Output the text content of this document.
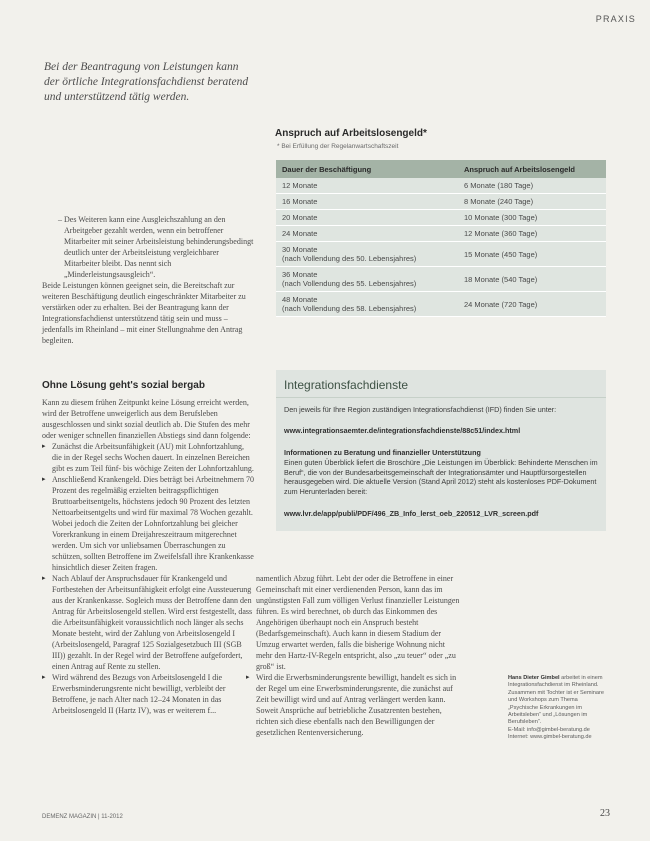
PRAXIS
Bei der Beantragung von Leistungen kann der örtliche Integrationsfachdienst beratend und unterstützend tätig werden.

– Des Weiteren kann eine Ausgleichszahlung an den Arbeitgeber gezahlt werden, wenn ein betroffener Mitarbeiter mit seiner Arbeitsleistung behinderungsbedingt deutlich unter der Arbeitsleistung vergleichbarer Mitarbeiter bleibt. Das nennt sich „Minderleistungsausgleich“.

Beide Leistungen können geeignet sein, die Bereitschaft zur weiteren Beschäftigung deutlich eingeschränkter Mitarbeiter zu verstärken oder zu erhalten. Bei der Beantragung kann der Integrationsfachdienst unterstützend tätig sein und muss – jedenfalls im Rheinland – mit einer Stellungnahme den Antrag begleiten.

Ohne Lösung geht's sozial bergab

Kann zu diesem frühen Zeitpunkt keine Lösung erreicht werden, wird der Betroffene unweigerlich aus dem Berufsleben ausgeschlossen und sinkt sozial deutlich ab. Die Stufen des mehr oder weniger schnellen finanziellen Abstiegs sind dann folgende:

▸ Zunächst die Arbeitsunfähigkeit (AU) mit Lohnfortzahlung, die in der Regel sechs Wochen dauert. In einzelnen Bereichen gibt es zum Teil fünf- bis wöchige Zeiten der Lohnfortzahlung.
▸ Anschließend Krankengeld. Dies beträgt bei Arbeitnehmern 70 Prozent des regelmäßig erzielten beitragspflichtigen Bruttoarbeitsentgelts, höchstens jedoch 90 Prozent des letzten Nettoarbeitsentgelts und wird für maximal 78 Wochen gezahlt. Wobei jedoch die Zeiten der Lohnfortzahlung bei gleicher Vorerkrankung in einem Dreijahreszeitraum mitgerechnet werden. Um sich vor unliebsamen Überraschungen zu schützen, sollten Betroffene im Zweifelsfall ihre Krankenkasse hinsichtlich dieser Zeiten fragen.
▸ Nach Ablauf der Anspruchsdauer für Krankengeld und Fortbestehen der Arbeitsunfähigkeit erfolgt eine Aussteuerung aus der Krankenkasse. Sogleich muss der Betroffene dann den Antrag für Arbeitslosengeld stellen. Wird erst festgestellt, dass die Arbeitsunfähigkeit voraussichtlich noch länger als sechs Monate besteht, wird der Zahlung von Arbeitslosengeld I (Arbeitslosengeld, Paragraf 125 Sozialgesetzbuch III (SGB III)) gezahlt. In der Regel wird der Betroffene aufgefordert, einen Antrag auf Rente zu stellen.
▸ Wird während des Bezugs von Arbeitslosengeld I die Erwerbsminderungsrente nicht bewilligt, verbleibt der Betroffene, je nach Alter nach 12–24 Monaten in das Arbeitslosengeld II (Hartz IV), was er weiterem f...

namentlich Abzug führt. Lebt der oder die Betroffene in einer Gemeinschaft mit einer verdienenden Person, kann das im ungünstigsten Fall zum völligen Verlust finanzieller Leistungen führen. Es wird berechnet, ob durch das Einkommen des Angehörigen überhaupt noch ein Anspruch besteht (Bedarfsgemeinschaft). Auch kann in diesem Stadium der Umzug erwartet werden, falls die bisherige Wohnung nicht mehr den Hartz-IV-Regeln entspricht, also „zu teuer“ oder „zu groß“ ist.

▸ Wird die Erwerbsminderungsrente bewilligt, handelt es sich in der Regel um eine Erwerbsminderungsrente, die zunächst auf Zeit bewilligt wird und auf Antrag verlängert werden kann. Soweit Ansprüche auf betriebliche Zusatzrenten bestehen, richten sich diese ebenfalls nach den Bewilligungen der gesetzlichen Rentenversicherung.
Anspruch auf Arbeitslosengeld*
* Bei Erfüllung der Regelanwartschaftszeit
Dauer der Beschäftigung	Anspruch auf Arbeitslosengeld
12 Monate	6 Monate (180 Tage)
16 Monate	8 Monate (240 Tage)
20 Monate	10 Monate (300 Tage)
24 Monate	12 Monate (360 Tage)

30 Monate
(nach Vollendung des 50. Lebensjahres)	15 Monate (450 Tage)

36 Monate
(nach Vollendung des 55. Lebensjahres)	18 Monate (540 Tage)

48 Monate
(nach Vollendung des 58. Lebensjahres)	24 Monate (720 Tage)
Integrationsfachdienste
Den jeweils für Ihre Region zuständigen Integrationsfachdienst (IFD) finden Sie unter:
www.integrationsaemter.de/integrationsfachdienste/88c51/index.html
Informationen zu Beratung und finanzieller Unterstützung
Einen guten Überblick liefert die Broschüre „Die Leistungen im Überblick: Behinderte Menschen im Beruf“, die von der Bundesarbeitsgemeinschaft der Integrationsämter und Hauptfürsorgestellen herausgegeben wird. Die aktuelle Version (Stand April 2012) steht als kostenloses PDF-Dokument zum Herunterladen bereit:
www.lvr.de/app/publi/PDF/496_ZB_Info_lerst_oeb_220512_LVR_screen.pdf
Hans Dieter Gimbel arbeitet in einem Integrationsfachdienst im Rheinland. Zusammen mit Tochter ist er Seminare und Workshops zum Thema „Psychische Erkrankungen im Arbeitsleben“ und „Lösungen im Berufsleben“.
E-Mail: info@gimbel-beratung.de
Internet: www.gimbel-beratung.de
DEMENZ MAGAZIN | 11-2012	23
